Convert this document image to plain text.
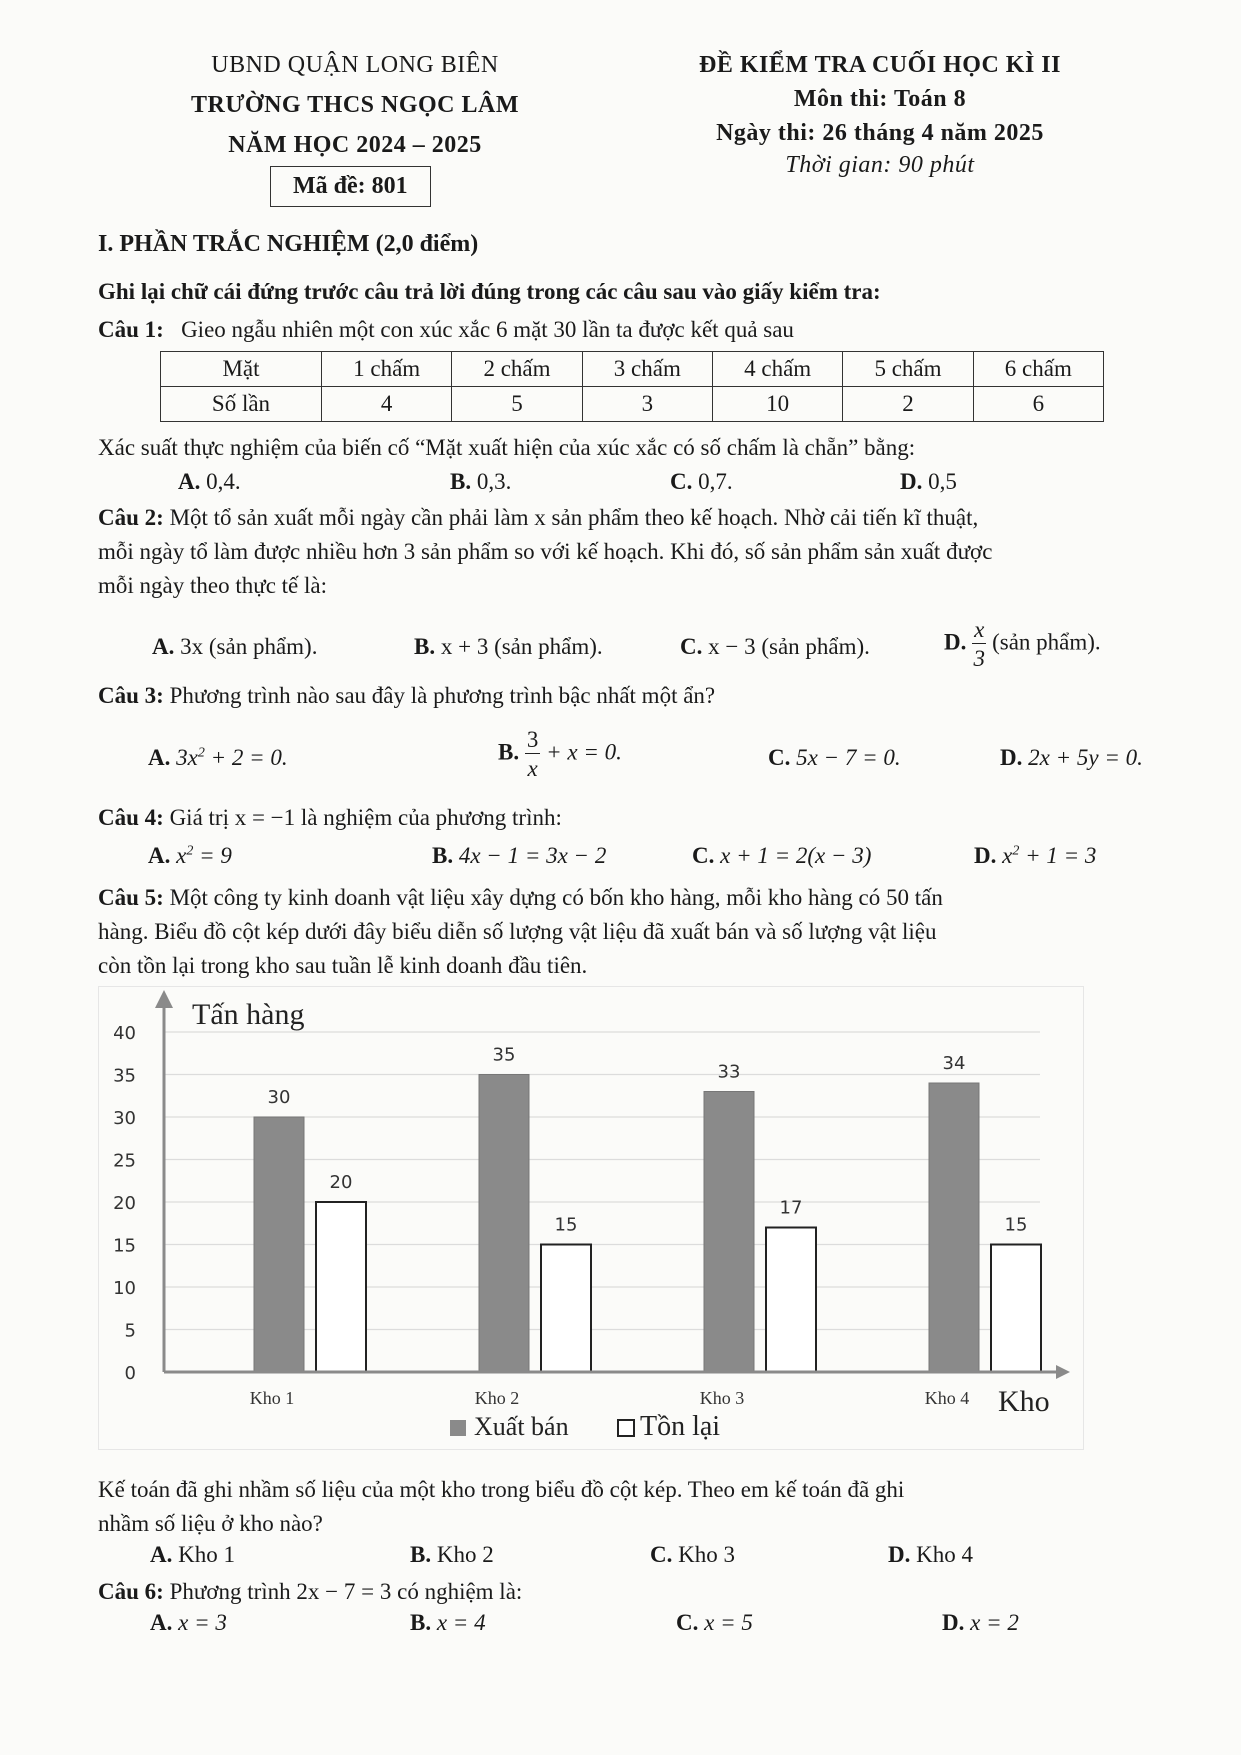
UBND QUẬN LONG BIÊN
TRƯỜNG THCS NGỌC LÂM
NĂM HỌC 2024 – 2025
Mã đề: 801
ĐỀ KIỂM TRA CUỐI HỌC KÌ II
Môn thi: Toán 8
Ngày thi: 26 tháng 4 năm 2025
Thời gian: 90 phút
I. PHẦN TRẮC NGHIỆM (2,0 điểm)
Ghi lại chữ cái đứng trước câu trả lời đúng trong các câu sau vào giấy kiểm tra:
Câu 1: Gieo ngẫu nhiên một con xúc xắc 6 mặt 30 lần ta được kết quả sau
Mặt	1 chấm	2 chấm	3 chấm	4 chấm	5 chấm	6 chấm
Số lần	4	5	3	10	2	6
Xác suất thực nghiệm của biến cố “Mặt xuất hiện của xúc xắc có số chấm là chẵn” bằng:
A. 0,4.	B. 0,3.	C. 0,7.	D. 0,5
Câu 2: Một tổ sản xuất mỗi ngày cần phải làm x sản phẩm theo kế hoạch. Nhờ cải tiến kĩ thuật,
mỗi ngày tổ làm được nhiều hơn 3 sản phẩm so với kế hoạch. Khi đó, số sản phẩm sản xuất được
mỗi ngày theo thực tế là:
A. 3x (sản phẩm).	B. x + 3 (sản phẩm).	C. x − 3 (sản phẩm).	D. $\frac{x}{3}$ (sản phẩm).
Câu 3: Phương trình nào sau đây là phương trình bậc nhất một ẩn?
A. $3x^2 + 2 = 0$.	B. $\frac{3}{x} + x = 0$.	C. 5x − 7 = 0.	D. 2x + 5y = 0.
Câu 4: Giá trị x = −1 là nghiệm của phương trình:
A. $x^2 = 9$	B. 4x − 1 = 3x − 2	C. x + 1 = 2(x − 3)	D. $x^2 + 1 = 3$
Câu 5: Một công ty kinh doanh vật liệu xây dựng có bốn kho hàng, mỗi kho hàng có 50 tấn
hàng. Biểu đồ cột kép dưới đây biểu diễn số lượng vật liệu đã xuất bán và số lượng vật liệu
còn tồn lại trong kho sau tuần lễ kinh doanh đầu tiên.
0
5
10
15
20
25
30
35
40
30
20
Kho 1
35
15
Kho 2
33
17
Kho 3
34
15
Kho 4
Tấn hàng
Kho
Xuất bán	Tồn lại
Kế toán đã ghi nhầm số liệu của một kho trong biểu đồ cột kép. Theo em kế toán đã ghi
nhầm số liệu ở kho nào?
A. Kho 1	B. Kho 2	C. Kho 3	D. Kho 4
Câu 6: Phương trình 2x − 7 = 3 có nghiệm là:
A. x = 3	B. x = 4	C. x = 5	D. x = 2
